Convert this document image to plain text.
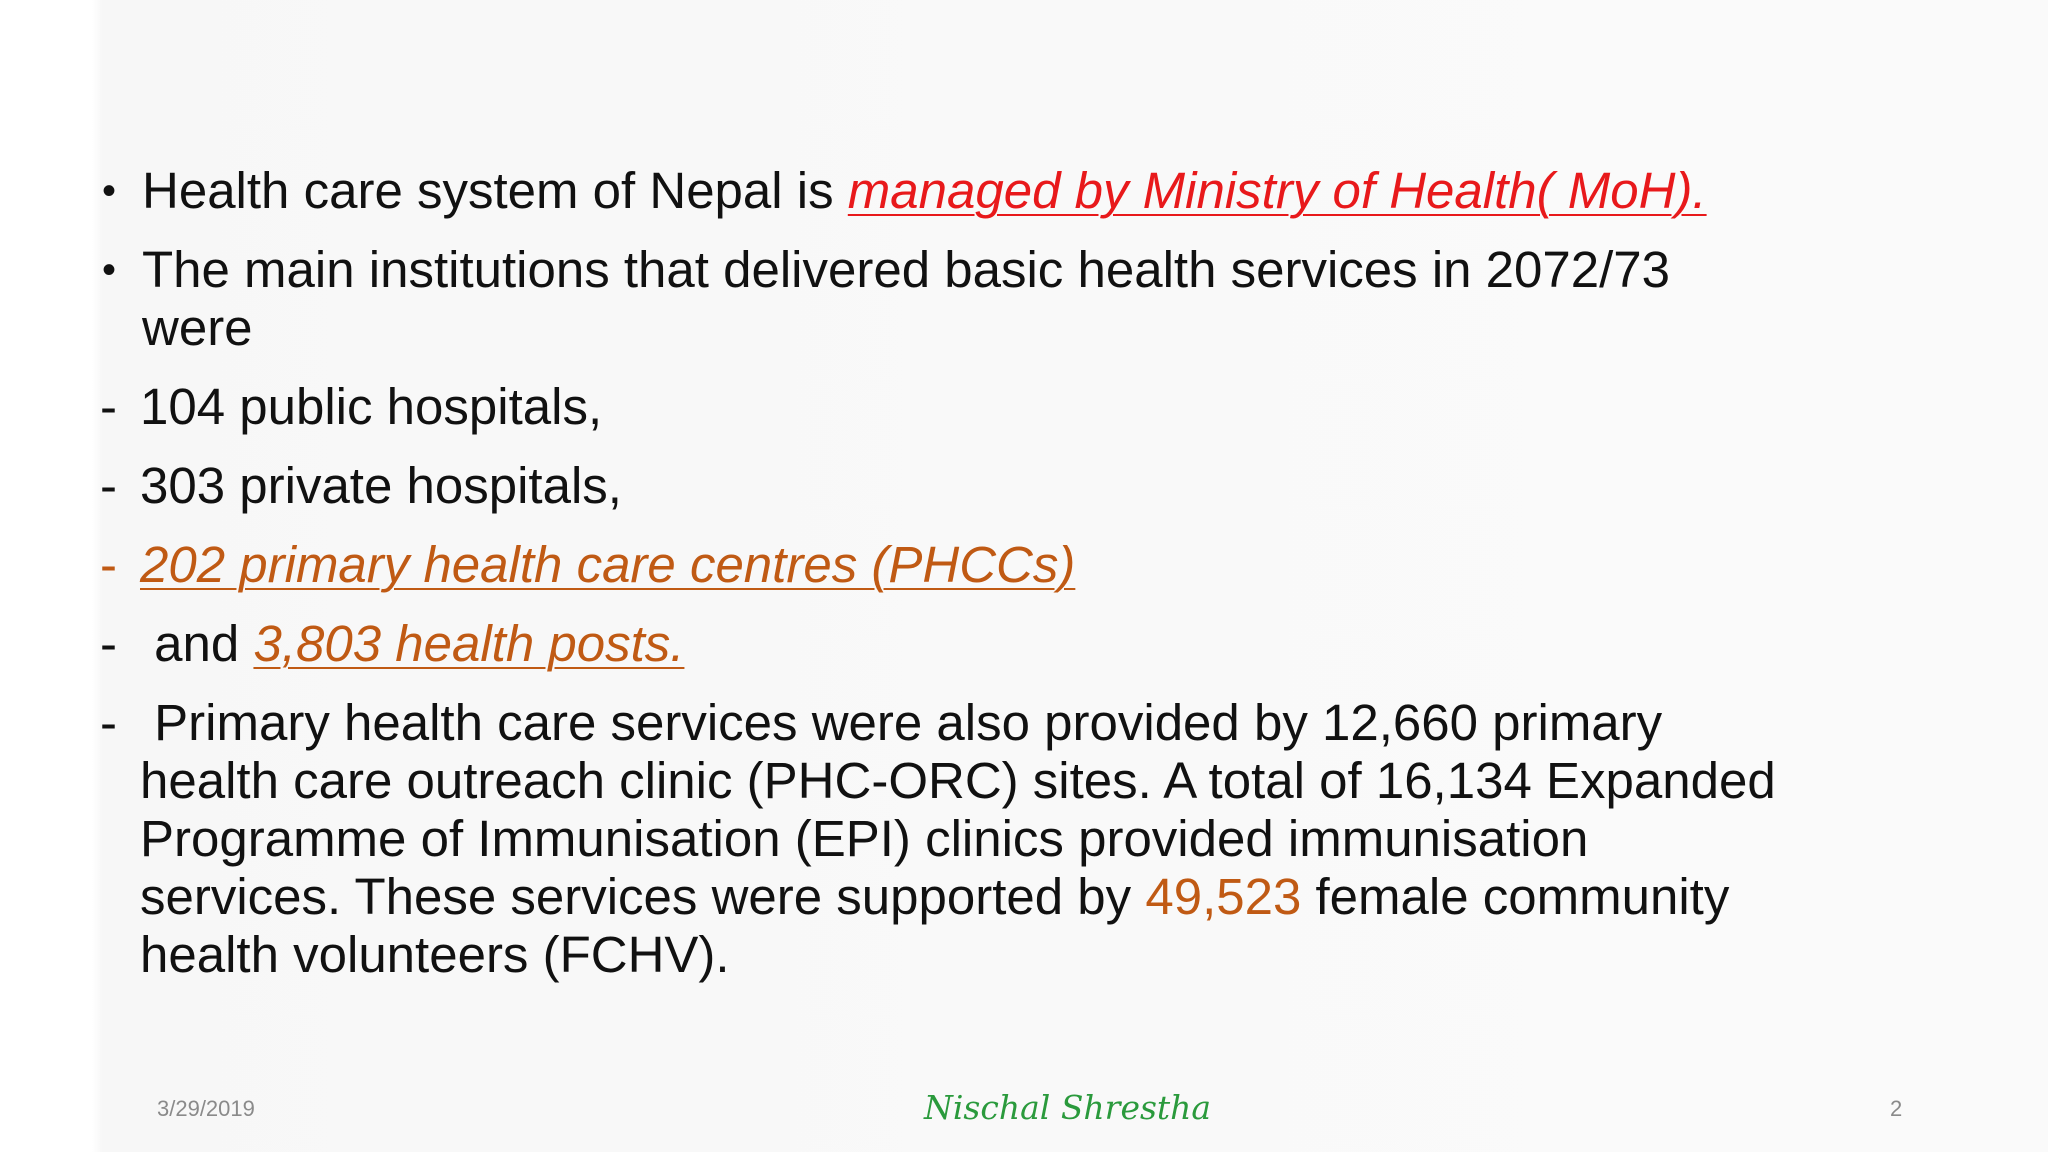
• Health care system of Nepal is managed by Ministry of Health( MoH).
• The main institutions that delivered basic health services in 2072/73
were
- 104 public hospitals,
- 303 private hospitals,
- 202 primary health care centres (PHCCs)
- and 3,803 health posts.
- Primary health care services were also provided by 12,660 primary
health care outreach clinic (PHC-ORC) sites. A total of 16,134 Expanded
Programme of Immunisation (EPI) clinics provided immunisation
services. These services were supported by 49,523 female community
health volunteers (FCHV).
3/29/2019	Nischal Shrestha	2
